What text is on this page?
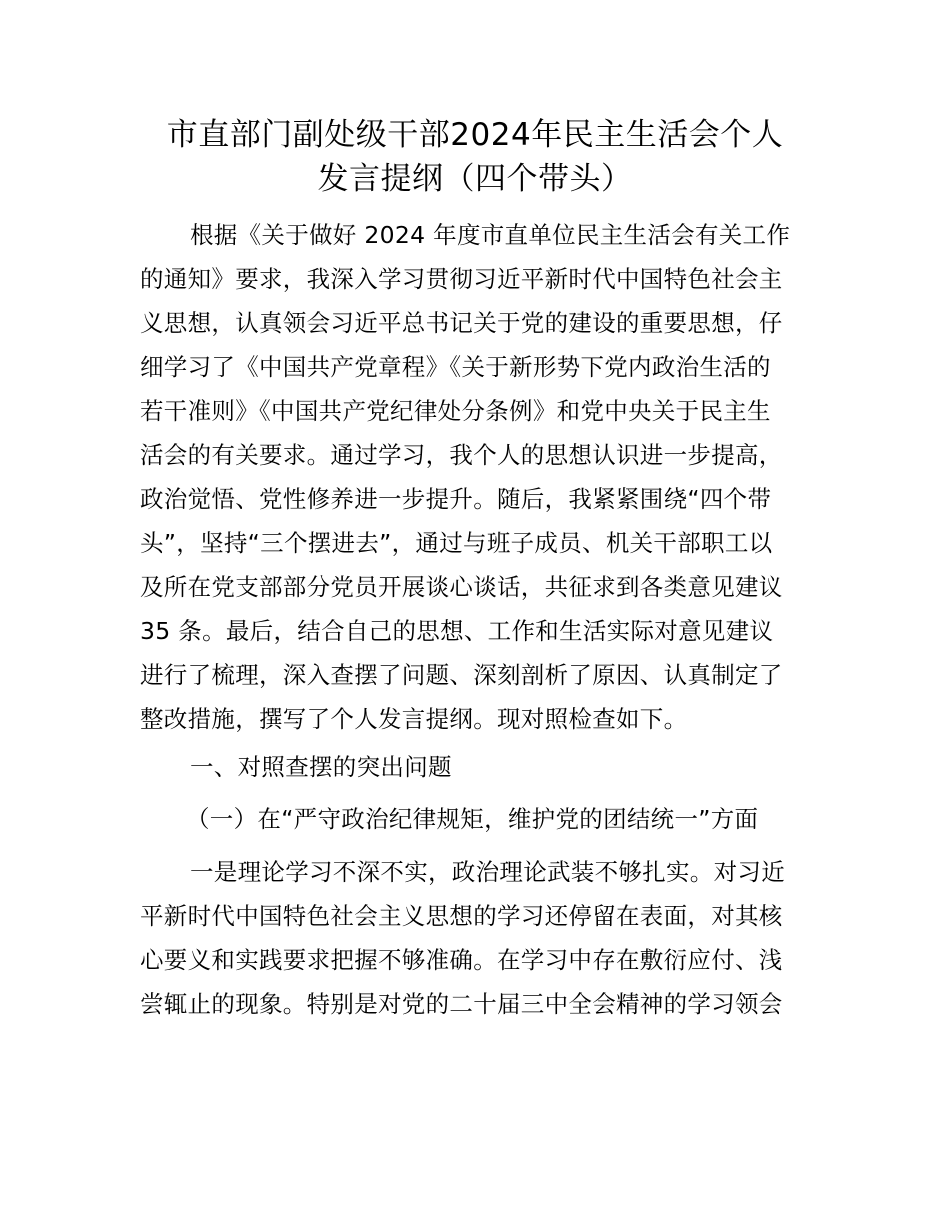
市直部门副处级干部2024年民主生活会个人
发言提纲（四个带头）
根据《关于做好 2024 年度市直单位民主生活会有关工作
的通知》要求，我深入学习贯彻习近平新时代中国特色社会主
义思想，认真领会习近平总书记关于党的建设的重要思想，仔
细学习了《中国共产党章程》《关于新形势下党内政治生活的
若干准则》《中国共产党纪律处分条例》和党中央关于民主生
活会的有关要求。通过学习，我个人的思想认识进一步提高，
政治觉悟、党性修养进一步提升。随后，我紧紧围绕“四个带
头”，坚持“三个摆进去”，通过与班子成员、机关干部职工以
及所在党支部部分党员开展谈心谈话，共征求到各类意见建议
35 条。最后，结合自己的思想、工作和生活实际对意见建议
进行了梳理，深入查摆了问题、深刻剖析了原因、认真制定了
整改措施，撰写了个人发言提纲。现对照检查如下。
一、对照查摆的突出问题
（一）在“严守政治纪律规矩，维护党的团结统一”方面
一是理论学习不深不实，政治理论武装不够扎实。对习近
平新时代中国特色社会主义思想的学习还停留在表面，对其核
心要义和实践要求把握不够准确。在学习中存在敷衍应付、浅
尝辄止的现象。特别是对党的二十届三中全会精神的学习领会
